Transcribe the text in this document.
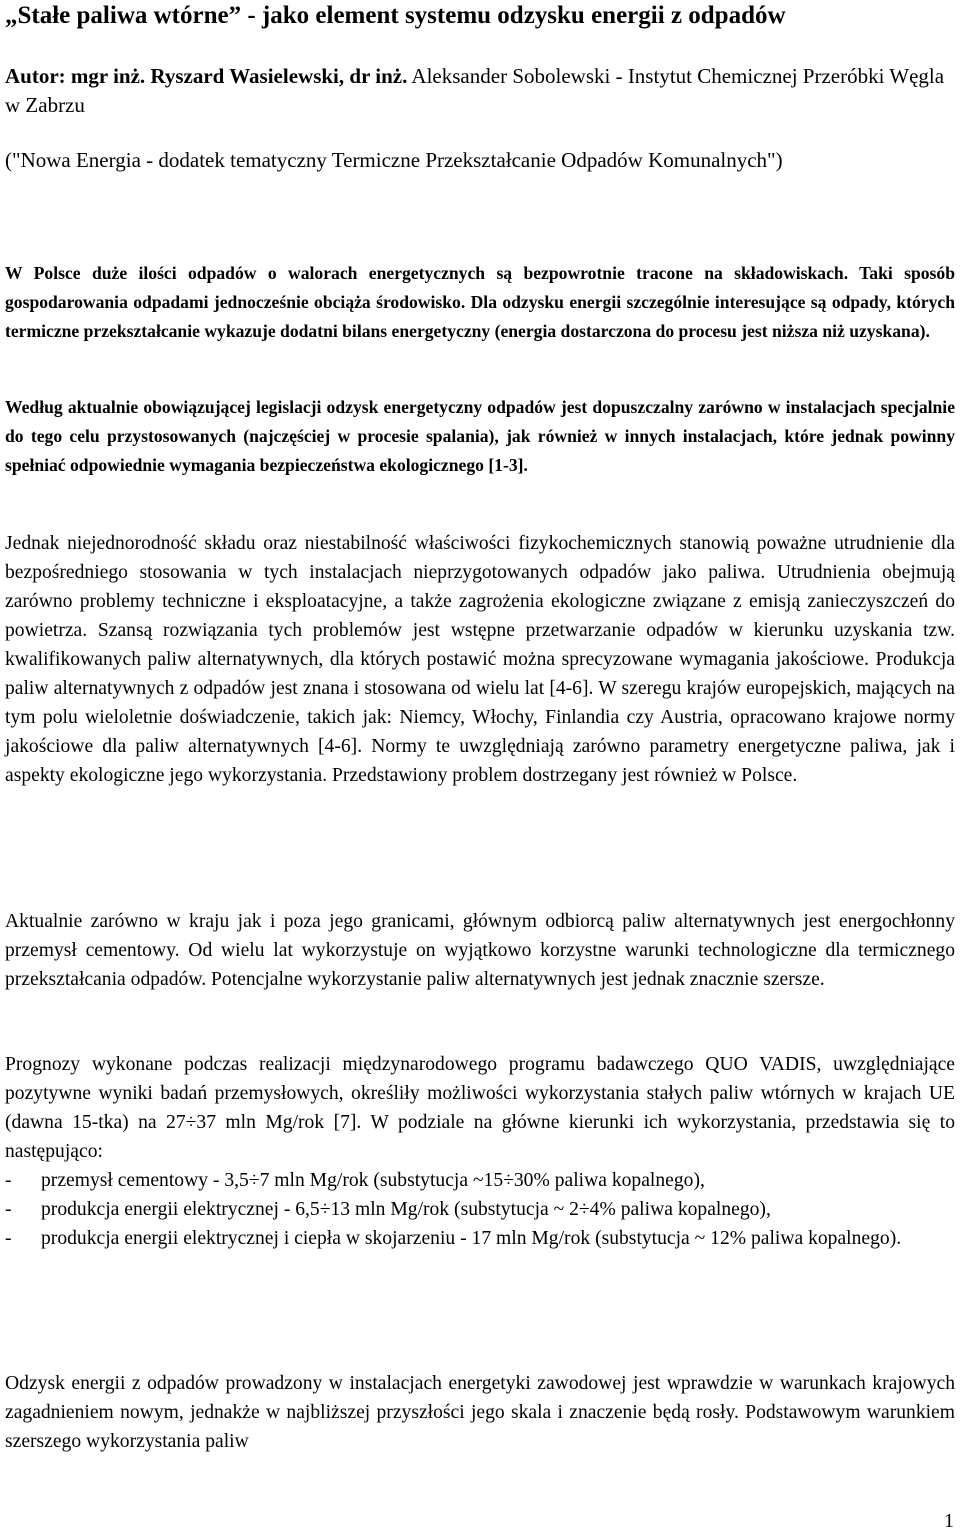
„Stałe paliwa wtórne” - jako element systemu odzysku energii z odpadów
Autor: mgr inż. Ryszard Wasielewski, dr inż. Aleksander Sobolewski - Instytut Chemicznej Przeróbki Węgla w Zabrzu
("Nowa Energia - dodatek tematyczny Termiczne Przekształcanie Odpadów Komunalnych")
W Polsce duże ilości odpadów o walorach energetycznych są bezpowrotnie tracone na składowiskach. Taki sposób gospodarowania odpadami jednocześnie obciąża środowisko. Dla odzysku energii szczególnie interesujące są odpady, których termiczne przekształcanie wykazuje dodatni bilans energetyczny (energia dostarczona do procesu jest niższa niż uzyskana).
Według aktualnie obowiązującej legislacji odzysk energetyczny odpadów jest dopuszczalny zarówno w instalacjach specjalnie do tego celu przystosowanych (najczęściej w procesie spalania), jak również w innych instalacjach, które jednak powinny spełniać odpowiednie wymagania bezpieczeństwa ekologicznego [1-3].
Jednak niejednorodność składu oraz niestabilność właściwości fizykochemicznych stanowią poważne utrudnienie dla bezpośredniego stosowania w tych instalacjach nieprzygotowanych odpadów jako paliwa. Utrudnienia obejmują zarówno problemy techniczne i eksploatacyjne, a także zagrożenia ekologiczne związane z emisją zanieczyszczeń do powietrza. Szansą rozwiązania tych problemów jest wstępne przetwarzanie odpadów w kierunku uzyskania tzw. kwalifikowanych paliw alternatywnych, dla których postawić można sprecyzowane wymagania jakościowe. Produkcja paliw alternatywnych z odpadów jest znana i stosowana od wielu lat [4-6]. W szeregu krajów europejskich, mających na tym polu wieloletnie doświadczenie, takich jak: Niemcy, Włochy, Finlandia czy Austria, opracowano krajowe normy jakościowe dla paliw alternatywnych [4-6]. Normy te uwzględniają zarówno parametry energetyczne paliwa, jak i aspekty ekologiczne jego wykorzystania. Przedstawiony problem dostrzegany jest również w Polsce.
Aktualnie zarówno w kraju jak i poza jego granicami, głównym odbiorcą paliw alternatywnych jest energochłonny przemysł cementowy. Od wielu lat wykorzystuje on wyjątkowo korzystne warunki technologiczne dla termicznego przekształcania odpadów. Potencjalne wykorzystanie paliw alternatywnych jest jednak znacznie szersze.
Prognozy wykonane podczas realizacji międzynarodowego programu badawczego QUO VADIS, uwzględniające pozytywne wyniki badań przemysłowych, określiły możliwości wykorzystania stałych paliw wtórnych w krajach UE (dawna 15-tka) na 27÷37 mln Mg/rok [7]. W podziale na główne kierunki ich wykorzystania, przedstawia się to następująco:
- przemysł cementowy - 3,5÷7 mln Mg/rok (substytucja ~15÷30% paliwa kopalnego),
- produkcja energii elektrycznej - 6,5÷13 mln Mg/rok (substytucja ~ 2÷4% paliwa kopalnego),
- produkcja energii elektrycznej i ciepła w skojarzeniu - 17 mln Mg/rok (substytucja ~ 12% paliwa kopalnego).
Odzysk energii z odpadów prowadzony w instalacjach energetyki zawodowej jest wprawdzie w warunkach krajowych zagadnieniem nowym, jednakże w najbliższej przyszłości jego skala i znaczenie będą rosły. Podstawowym warunkiem szerszego wykorzystania paliw
1
